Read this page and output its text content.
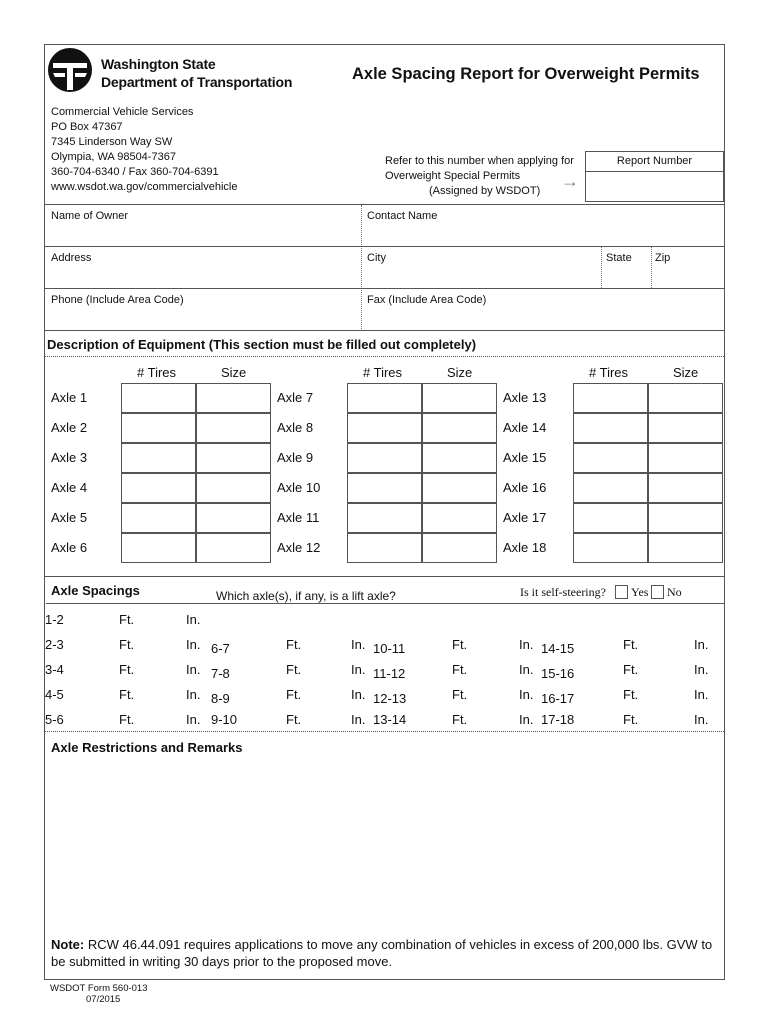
Washington State
Department of Transportation	Axle Spacing Report for Overweight Permits
Commercial Vehicle Services
PO Box 47367
7345 Linderson Way SW
Olympia, WA 98504-7367
360-704-6340 / Fax 360-704-6391
www.wsdot.wa.gov/commercialvehicle
Refer to this number when applying for
Overweight Special Permits
(Assigned by WSDOT)	→
Report Number
Name of Owner	Contact Name
Address	City	State Zip
Phone (Include Area Code)	Fax (Include Area Code)
Description of Equipment (This section must be filled out completely)
# Tires	Size	# Tires	Size	# Tires	Size
Axle 1
Axle 2
Axle 3
Axle 4
Axle 5
Axle 6
Axle 7
Axle 8
Axle 9
Axle 10
Axle 11
Axle 12
Axle 13
Axle 14
Axle 15
Axle 16
Axle 17
Axle 18
Axle Spacings	Which axle(s), if any, is a lift axle?	Is it self-steering? Yes No
1-2	Ft.	In.
2-3	Ft.	In.
3-4	Ft.	In.
4-5	Ft.	In.
5-6	Ft.	In.
6-7	Ft.	In.
7-8	Ft.	In.
8-9	Ft.	In.
9-10	Ft.	In.
10-11	Ft.	In.
11-12	Ft.	In.
12-13	Ft.	In.
13-14	Ft.	In.
14-15	Ft.	In.
15-16	Ft.	In.
16-17	Ft.	In.
17-18	Ft.	In.
Axle Restrictions and Remarks
Note: RCW 46.44.091 requires applications to move any combination of vehicles in excess of 200,000 lbs. GVW to be submitted in writing 30 days prior to the proposed move.
WSDOT Form 560-013
07/2015
